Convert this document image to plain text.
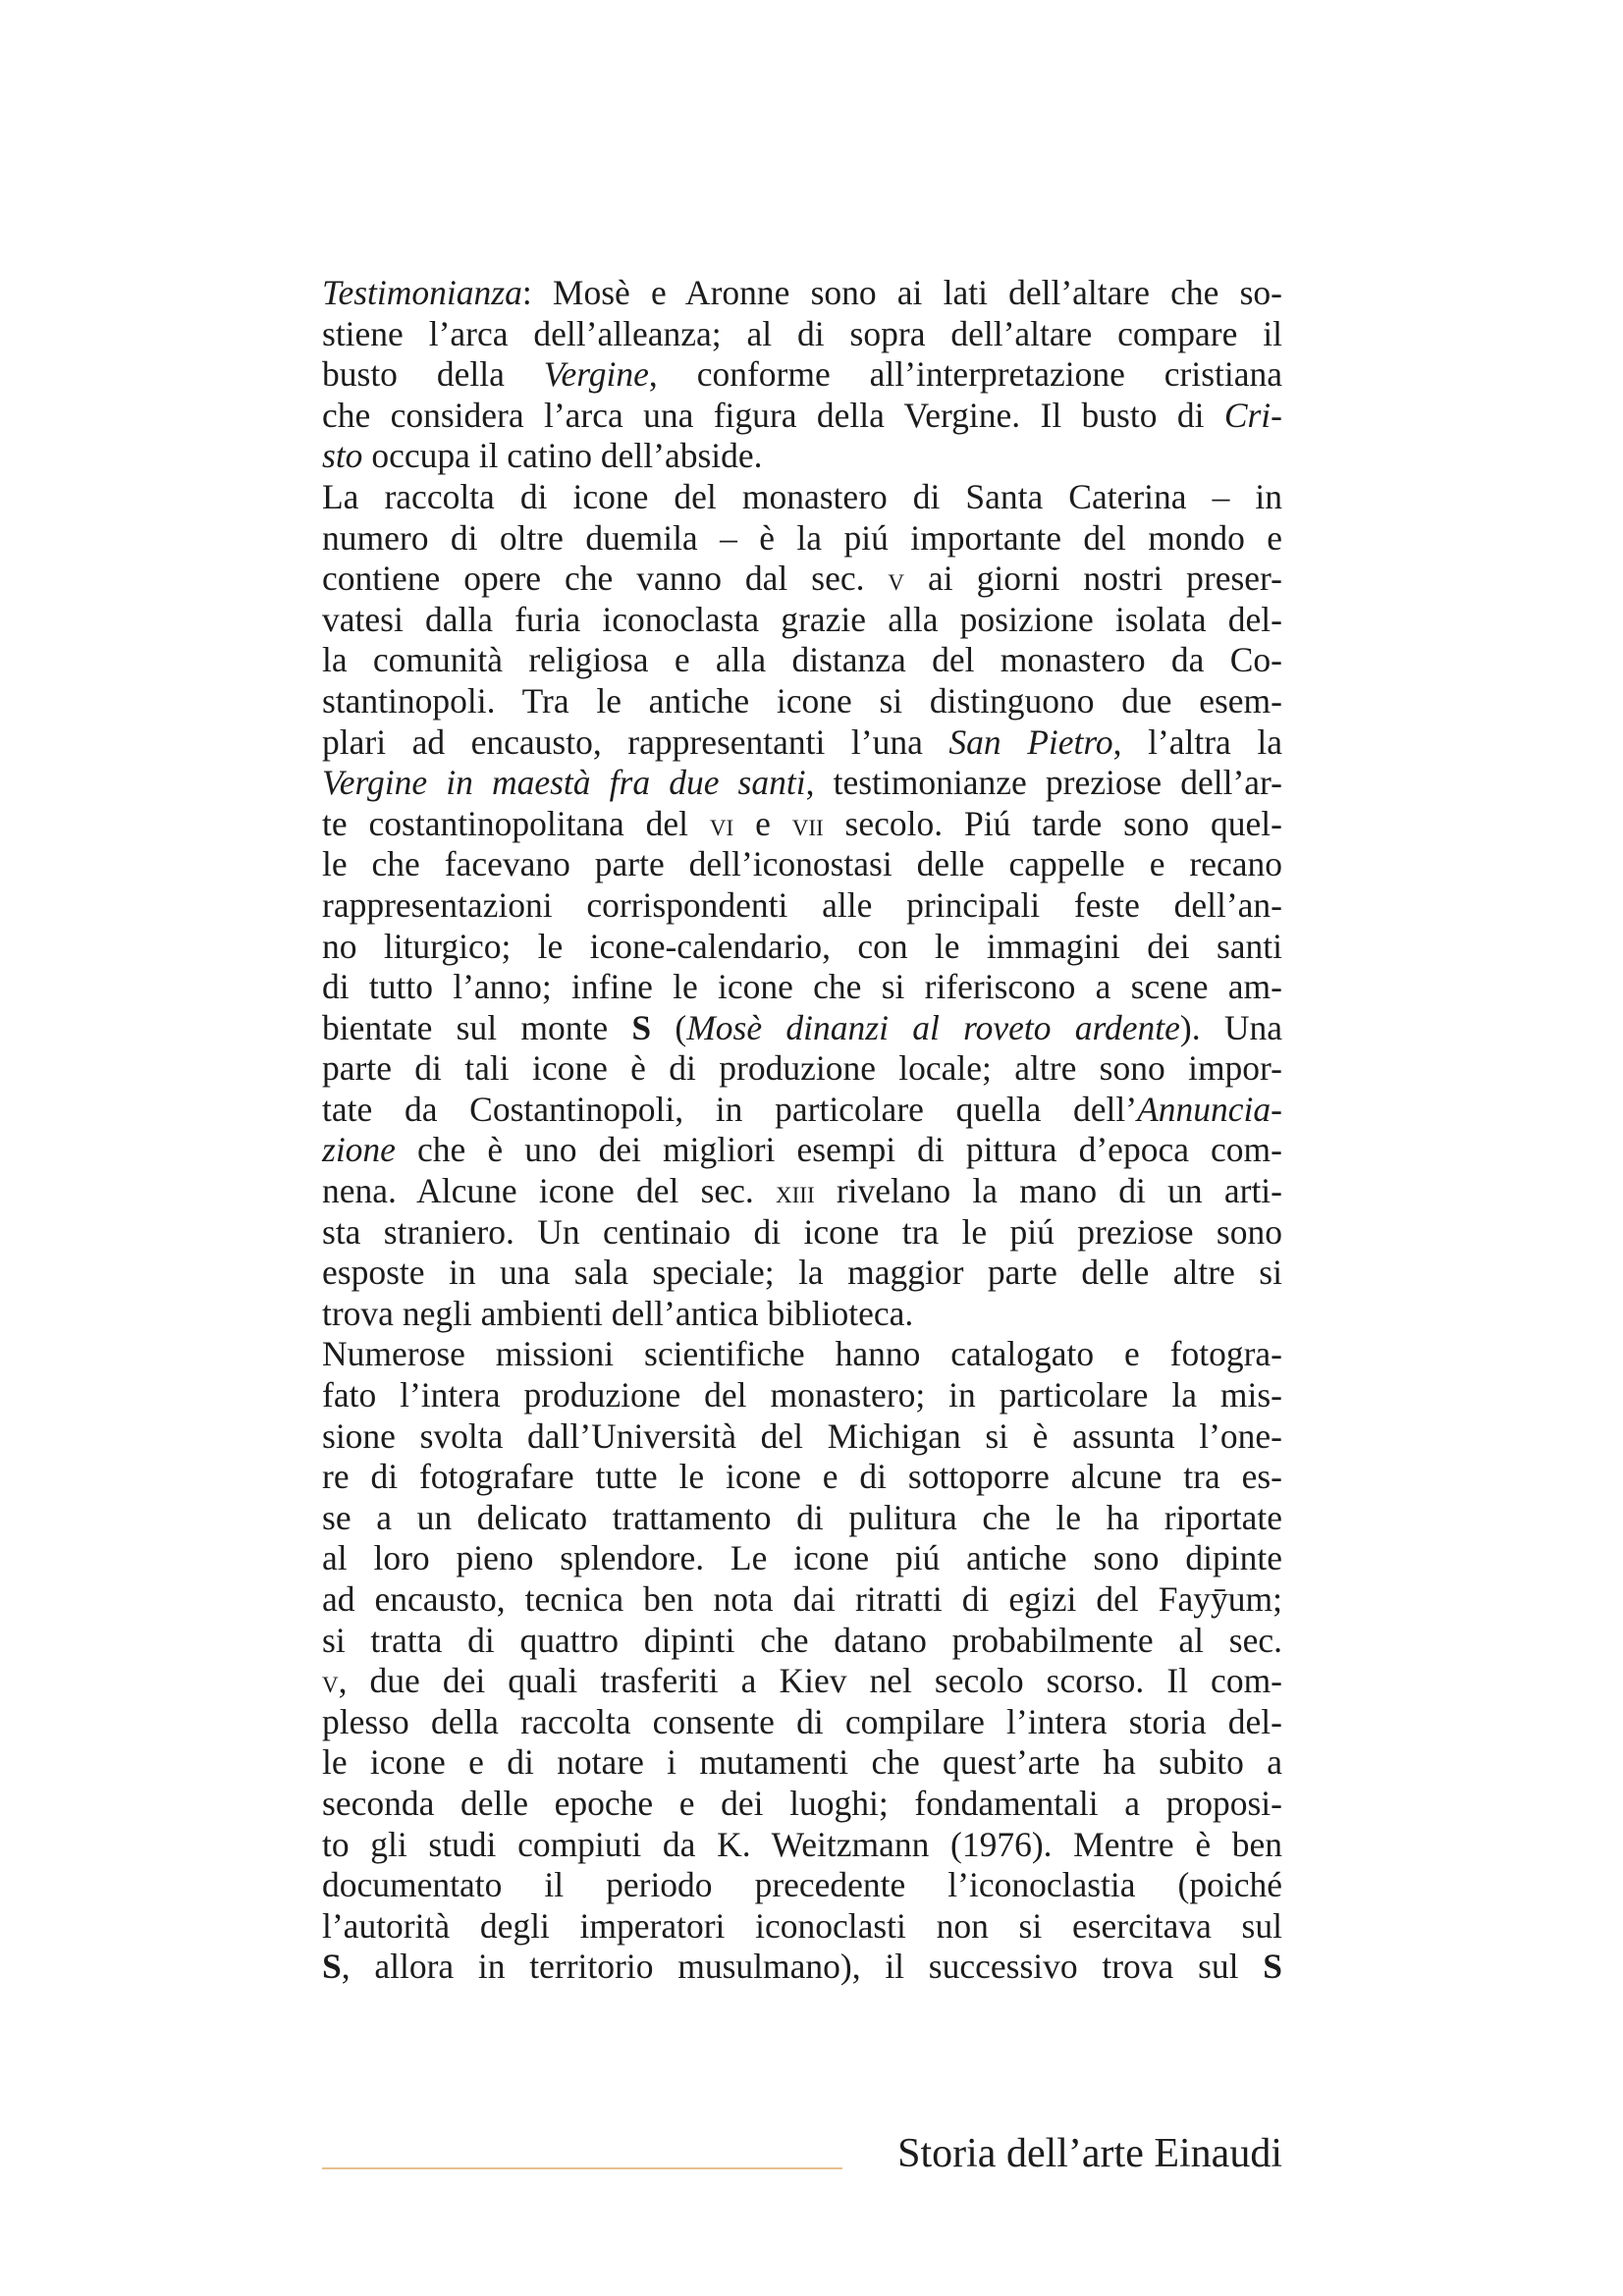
Testimonianza: Mosè e Aronne sono ai lati dell’altare che so-
stiene l’arca dell’alleanza; al di sopra dell’altare compare il
busto della Vergine, conforme all’interpretazione cristiana
che considera l’arca una figura della Vergine. Il busto di Cri-
sto occupa il catino dell’abside.
La raccolta di icone del monastero di Santa Caterina – in
numero di oltre duemila – è la piú importante del mondo e
contiene opere che vanno dal sec. v ai giorni nostri preser-
vatesi dalla furia iconoclasta grazie alla posizione isolata del-
la comunità religiosa e alla distanza del monastero da Co-
stantinopoli. Tra le antiche icone si distinguono due esem-
plari ad encausto, rappresentanti l’una San Pietro, l’altra la
Vergine in maestà fra due santi, testimonianze preziose dell’ar-
te costantinopolitana del vi e vii secolo. Piú tarde sono quel-
le che facevano parte dell’iconostasi delle cappelle e recano
rappresentazioni corrispondenti alle principali feste dell’an-
no liturgico; le icone-calendario, con le immagini dei santi
di tutto l’anno; infine le icone che si riferiscono a scene am-
bientate sul monte S (Mosè dinanzi al roveto ardente). Una
parte di tali icone è di produzione locale; altre sono impor-
tate da Costantinopoli, in particolare quella dell’Annuncia-
zione che è uno dei migliori esempi di pittura d’epoca com-
nena. Alcune icone del sec. xiii rivelano la mano di un arti-
sta straniero. Un centinaio di icone tra le piú preziose sono
esposte in una sala speciale; la maggior parte delle altre si
trova negli ambienti dell’antica biblioteca.
Numerose missioni scientifiche hanno catalogato e fotogra-
fato l’intera produzione del monastero; in particolare la mis-
sione svolta dall’Università del Michigan si è assunta l’one-
re di fotografare tutte le icone e di sottoporre alcune tra es-
se a un delicato trattamento di pulitura che le ha riportate
al loro pieno splendore. Le icone piú antiche sono dipinte
ad encausto, tecnica ben nota dai ritratti di egizi del Fayȳum;
si tratta di quattro dipinti che datano probabilmente al sec.
v, due dei quali trasferiti a Kiev nel secolo scorso. Il com-
plesso della raccolta consente di compilare l’intera storia del-
le icone e di notare i mutamenti che quest’arte ha subito a
seconda delle epoche e dei luoghi; fondamentali a proposi-
to gli studi compiuti da K. Weitzmann (1976). Mentre è ben
documentato il periodo precedente l’iconoclastia (poiché
l’autorità degli imperatori iconoclasti non si esercitava sul
S, allora in territorio musulmano), il successivo trova sul S
Storia dell’arte Einaudi
